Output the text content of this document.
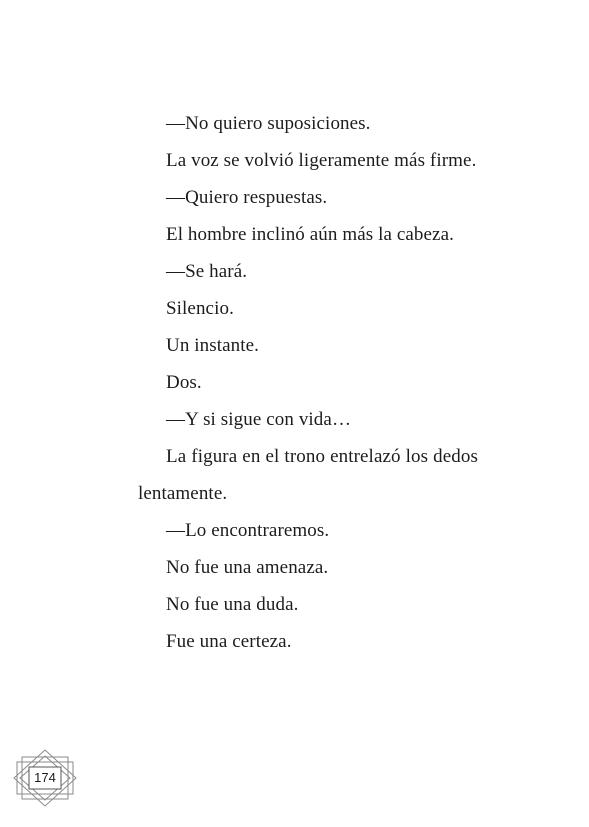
—No quiero suposiciones.

La voz se volvió ligeramente más firme.

—Quiero respuestas.

El hombre inclinó aún más la cabeza.

—Se hará.

Silencio.

Un instante.

Dos.

—Y si sigue con vida…

La figura en el trono entrelazó los dedos lentamente.

—Lo encontraremos.

No fue una amenaza.

No fue una duda.

Fue una certeza.

174
